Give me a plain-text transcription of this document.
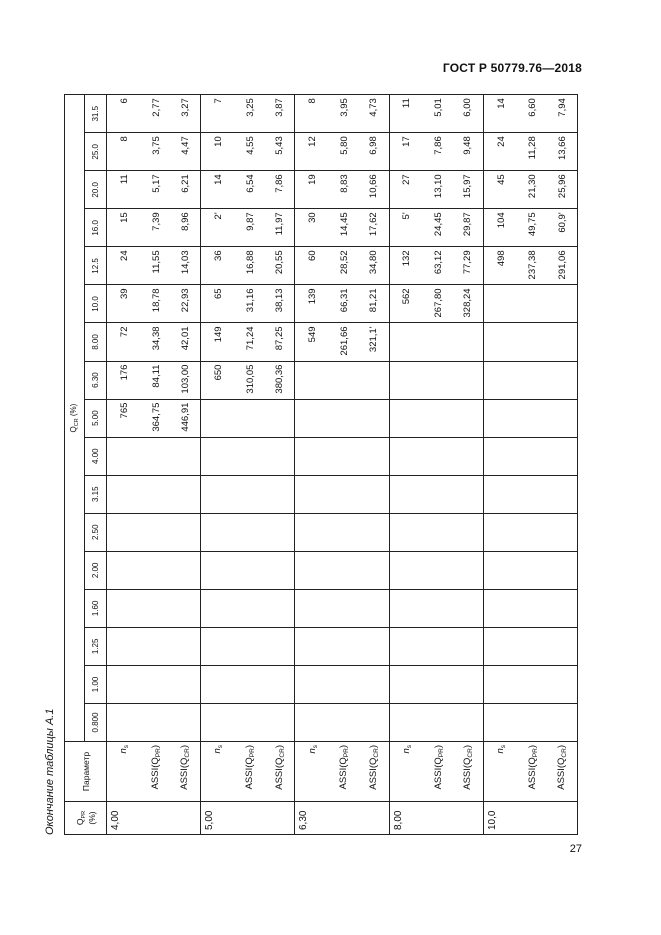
ГОСТ Р 50779.76—2018
Окончание таблицы А.1 $Q_{PR}$
(%)	Параметр	$Q_{CR}$ (%)																
		0.800	1.00	1.25	1.60	2.00	2.50	3.15	4.00	5.00	6.30	8.00	10.0	12.5	16.0	20.0	25.0	31.5
4,00	$n_s$									765	176	72	39	24	15	11	8	6
	$ASSI(Q_{PR})$									364,75	84,11	34,38	18,78	11,55	7,39	5,17	3,75	2,77
	$ASSI(Q_{CR})$									446,91	103,00	42,01	22,93	14,03	8,96	6,21	4,47	3,27
5,00	$n_s$										650	149	65	36	2'	14	10	7
	$ASSI(Q_{PR})$										310,05	71,24	31,16	16,88	9,87	6,54	4,55	3,25
	$ASSI(Q_{CR})$										380,36	87,25	38,13	20,55	11,97	7,86	5,43	3,87
6,30	$n_s$											549	139	60	30	19	12	8
	$ASSI(Q_{PR})$											261,66	66,31	28,52	14,45	8,83	5,80	3,95
	$ASSI(Q_{CR})$											321,1'	81,21	34,80	17,62	10,66	6,98	4,73
8,00	$n_s$												562	132	5'	27	17	11
	$ASSI(Q_{PR})$												267,80	63,12	24,45	13,10	7,86	5,01
	$ASSI(Q_{CR})$												328,24	77,29	29,87	15,97	9,48	6,00
10,0	$n_s$													498	104	45	24	14
	$ASSI(Q_{PR})$													237,38	49,75	21,30	11,28	6,60
	$ASSI(Q_{CR})$													291,06	60,9'	25,96	13,66	7,94
27
